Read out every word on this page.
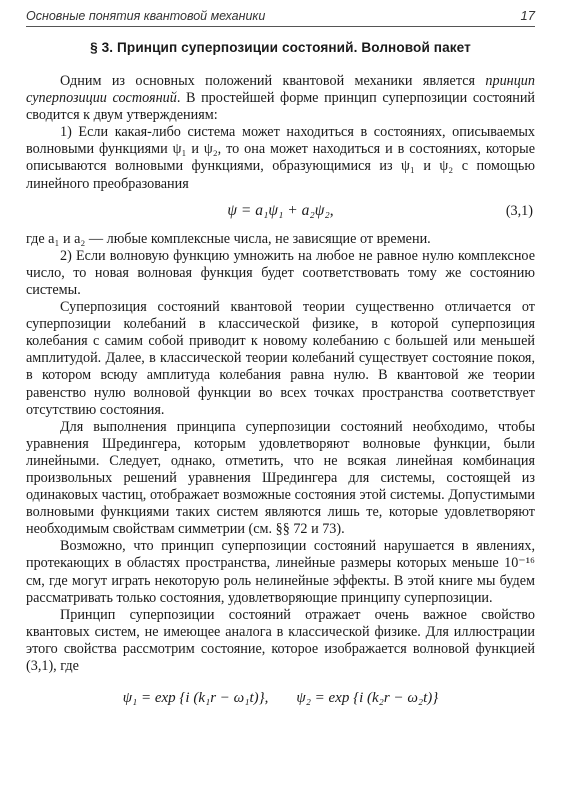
Основные понятия квантовой механики	17
§ 3. Принцип суперпозиции состояний. Волновой пакет

Одним из основных положений квантовой механики является принцип суперпозиции состояний. В простейшей форме принцип суперпозиции состояний сводится к двум утверждениям:

1) Если какая-либо система может находиться в состояниях, описываемых волновыми функциями ψ₁ и ψ₂, то она может находиться и в состояниях, которые описываются волновыми функциями, образующимися из ψ₁ и ψ₂ с помощью линейного преобразования

ψ = a₁ψ₁ + a₂ψ₂,	(3,1)

где a₁ и a₂ — любые комплексные числа, не зависящие от времени.

2) Если волновую функцию умножить на любое не равное нулю комплексное число, то новая волновая функция будет соответствовать тому же состоянию системы.

Суперпозиция состояний квантовой теории существенно отличается от суперпозиции колебаний в классической физике, в которой суперпозиция колебания с самим собой приводит к новому колебанию с большей или меньшей амплитудой. Далее, в классической теории колебаний существует состояние покоя, в котором всюду амплитуда колебания равна нулю. В квантовой же теории равенство нулю волновой функции во всех точках пространства соответствует отсутствию состояния.

Для выполнения принципа суперпозиции состояний необходимо, чтобы уравнения Шредингера, которым удовлетворяют волновые функции, были линейными. Следует, однако, отметить, что не всякая линейная комбинация произвольных решений уравнения Шредингера для системы, состоящей из одинаковых частиц, отображает возможные состояния этой системы. Допустимыми волновыми функциями таких систем являются лишь те, которые удовлетворяют необходимым свойствам симметрии (см. §§ 72 и 73).

Возможно, что принцип суперпозиции состояний нарушается в явлениях, протекающих в областях пространства, линейные размеры которых меньше 10⁻¹⁶ см, где могут играть некоторую роль нелинейные эффекты. В этой книге мы будем рассматривать только состояния, удовлетворяющие принципу суперпозиции.

Принцип суперпозиции состояний отражает очень важное свойство квантовых систем, не имеющее аналога в классической физике. Для иллюстрации этого свойства рассмотрим состояние, которое изображается волновой функцией (3,1), где

ψ₁ = exp {i (k₁r − ω₁t)}, ψ₂ = exp {i (k₂r − ω₂t)}
